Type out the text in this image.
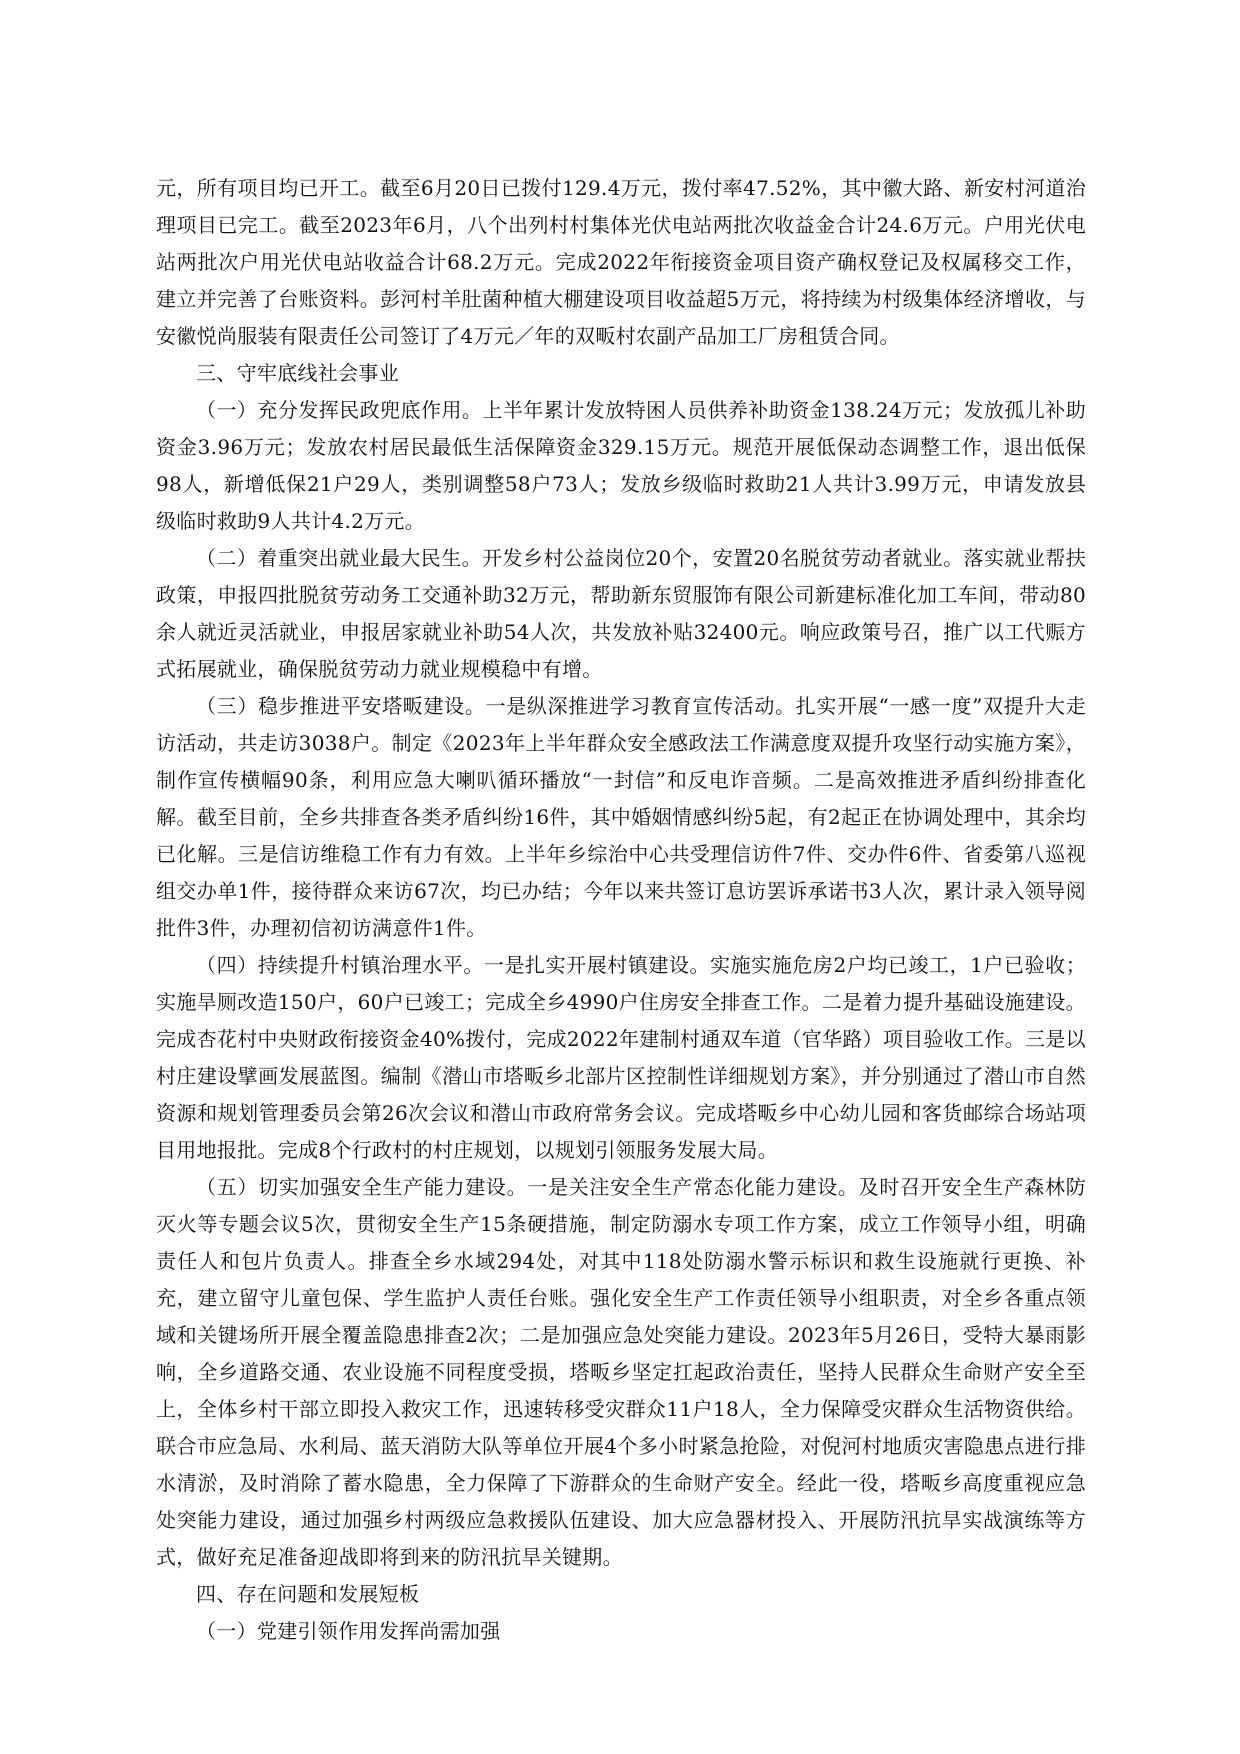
元，所有项目均已开工。截至6月20日已拨付129.4万元，拨付率47.52%，其中徽大路、新安村河道治理项目已完工。截至2023年6月，八个出列村村集体光伏电站两批次收益金合计24.6万元。户用光伏电站两批次户用光伏电站收益合计68.2万元。完成2022年衔接资金项目资产确权登记及权属移交工作，建立并完善了台账资料。彭河村羊肚菌种植大棚建设项目收益超5万元，将持续为村级集体经济增收，与安徽悦尚服装有限责任公司签订了4万元／年的双畈村农副产品加工厂房租赁合同。

三、守牢底线社会事业

（一）充分发挥民政兜底作用。上半年累计发放特困人员供养补助资金138.24万元；发放孤儿补助资金3.96万元；发放农村居民最低生活保障资金329.15万元。规范开展低保动态调整工作，退出低保98人，新增低保21户29人，类别调整58户73人；发放乡级临时救助21人共计3.99万元，申请发放县级临时救助9人共计4.2万元。

（二）着重突出就业最大民生。开发乡村公益岗位20个，安置20名脱贫劳动者就业。落实就业帮扶政策，申报四批脱贫劳动务工交通补助32万元，帮助新东贸服饰有限公司新建标准化加工车间，带动80余人就近灵活就业，申报居家就业补助54人次，共发放补贴32400元。响应政策号召，推广以工代赈方式拓展就业，确保脱贫劳动力就业规模稳中有增。

（三）稳步推进平安塔畈建设。一是纵深推进学习教育宣传活动。扎实开展“一感一度”双提升大走访活动，共走访3038户。制定《2023年上半年群众安全感政法工作满意度双提升攻坚行动实施方案》，制作宣传横幅90条，利用应急大喇叭循环播放“一封信”和反电诈音频。二是高效推进矛盾纠纷排查化解。截至目前，全乡共排查各类矛盾纠纷16件，其中婚姻情感纠纷5起，有2起正在协调处理中，其余均已化解。三是信访维稳工作有力有效。上半年乡综治中心共受理信访件7件、交办件6件、省委第八巡视组交办单1件，接待群众来访67次，均已办结；今年以来共签订息访罢诉承诺书3人次，累计录入领导阅批件3件，办理初信初访满意件1件。

（四）持续提升村镇治理水平。一是扎实开展村镇建设。实施实施危房2户均已竣工，1户已验收；实施旱厕改造150户，60户已竣工；完成全乡4990户住房安全排查工作。二是着力提升基础设施建设。完成杏花村中央财政衔接资金40%拨付，完成2022年建制村通双车道（官华路）项目验收工作。三是以村庄建设擘画发展蓝图。编制《潜山市塔畈乡北部片区控制性详细规划方案》，并分别通过了潜山市自然资源和规划管理委员会第26次会议和潜山市政府常务会议。完成塔畈乡中心幼儿园和客货邮综合场站项目用地报批。完成8个行政村的村庄规划，以规划引领服务发展大局。

（五）切实加强安全生产能力建设。一是关注安全生产常态化能力建设。及时召开安全生产森林防灭火等专题会议5次，贯彻安全生产15条硬措施，制定防溺水专项工作方案，成立工作领导小组，明确责任人和包片负责人。排查全乡水域294处，对其中118处防溺水警示标识和救生设施就行更换、补充，建立留守儿童包保、学生监护人责任台账。强化安全生产工作责任领导小组职责，对全乡各重点领域和关键场所开展全覆盖隐患排查2次；二是加强应急处突能力建设。2023年5月26日，受特大暴雨影响，全乡道路交通、农业设施不同程度受损，塔畈乡坚定扛起政治责任，坚持人民群众生命财产安全至上，全体乡村干部立即投入救灾工作，迅速转移受灾群众11户18人，全力保障受灾群众生活物资供给。联合市应急局、水利局、蓝天消防大队等单位开展4个多小时紧急抢险，对倪河村地质灾害隐患点进行排水清淤，及时消除了蓄水隐患，全力保障了下游群众的生命财产安全。经此一役，塔畈乡高度重视应急处突能力建设，通过加强乡村两级应急救援队伍建设、加大应急器材投入、开展防汛抗旱实战演练等方式，做好充足准备迎战即将到来的防汛抗旱关键期。

四、存在问题和发展短板

（一）党建引领作用发挥尚需加强
